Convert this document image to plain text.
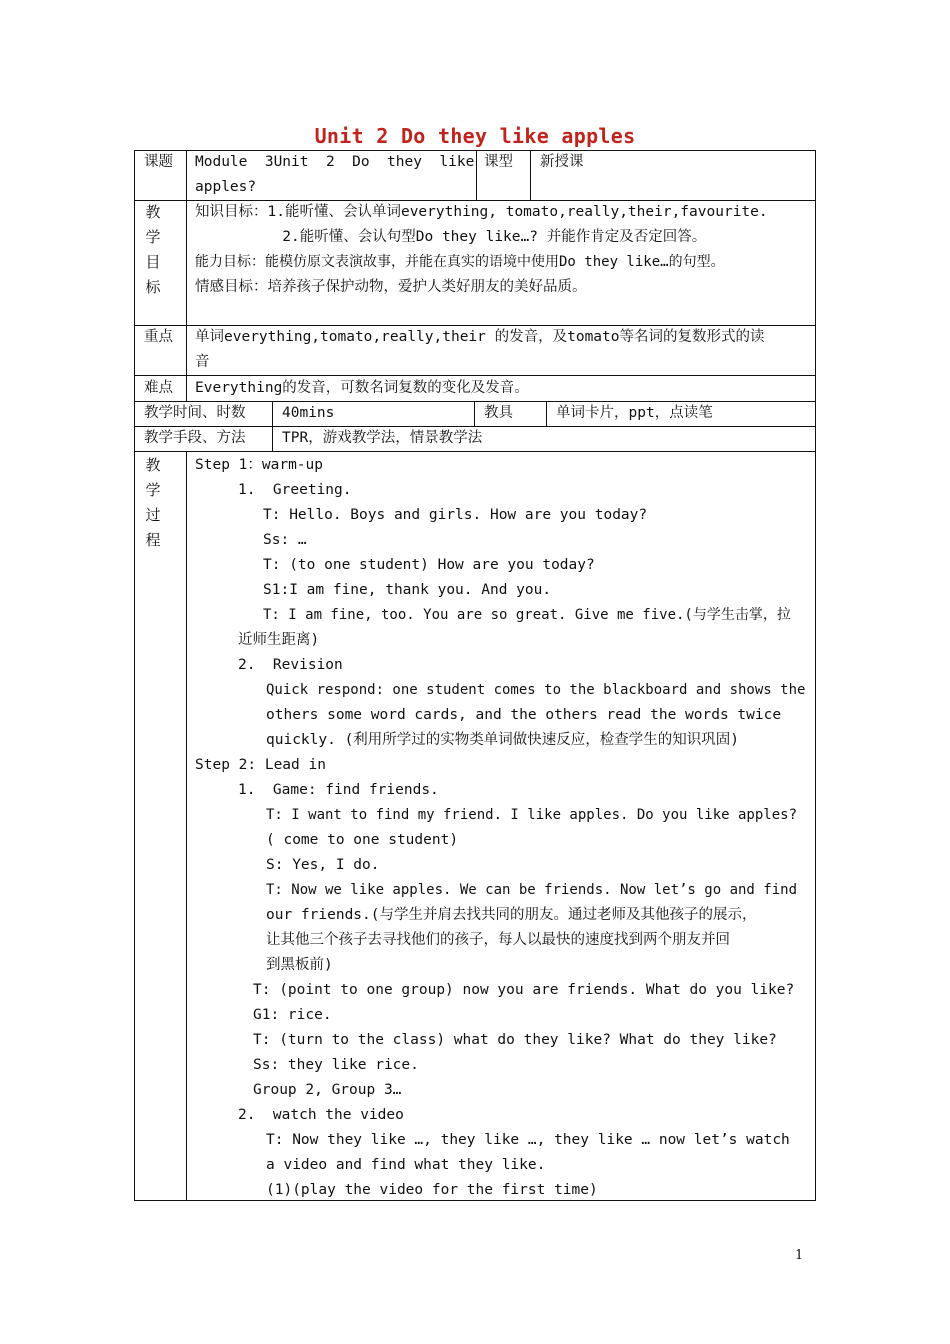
Unit 2 Do they like apples
课题 Module  3Unit  2  Do  they  like
apples?
课型 新授课
教
学
目
标
知识目标：1.能听懂、会认单词everything, tomato,really,their,favourite.
2.能听懂、会认句型Do they like…? 并能作肯定及否定回答。
能力目标：能模仿原文表演故事，并能在真实的语境中使用Do they like…的句型。
情感目标：培养孩子保护动物，爱护人类好朋友的美好品质。
重点 单词everything,tomato,really,their 的发音，及tomato等名词的复数形式的读
音
难点 Everything的发音，可数名词复数的变化及发音。
教学时间、时数	40mins	教具	单词卡片，ppt，点读笔
教学手段、方法	TPR，游戏教学法，情景教学法
教
学
过
程
Step 1：warm-up
1.  Greeting.
T: Hello. Boys and girls. How are you today?
Ss: …
T: (to one student) How are you today?
S1:I am fine, thank you. And you.
T: I am fine, too. You are so great. Give me five.(与学生击掌，拉
近师生距离)
2.  Revision
Quick respond: one student comes to the blackboard and shows the
others some word cards, and the others read the words twice
quickly. (利用所学过的实物类单词做快速反应，检查学生的知识巩固)
Step 2: Lead in
1.  Game: find friends.
T: I want to find my friend. I like apples. Do you like apples?
( come to one student)
S: Yes, I do.
T: Now we like apples. We can be friends. Now let’s go and find
our friends.(与学生并肩去找共同的朋友。通过老师及其他孩子的展示，
让其他三个孩子去寻找他们的孩子，每人以最快的速度找到两个朋友并回
到黑板前)
T: (point to one group) now you are friends. What do you like?
G1: rice.
T: (turn to the class) what do they like? What do they like?
Ss: they like rice.
Group 2, Group 3…
2.  watch the video
T: Now they like …, they like …, they like … now let’s watch
a video and find what they like.
(1)(play the video for the first time)
1
